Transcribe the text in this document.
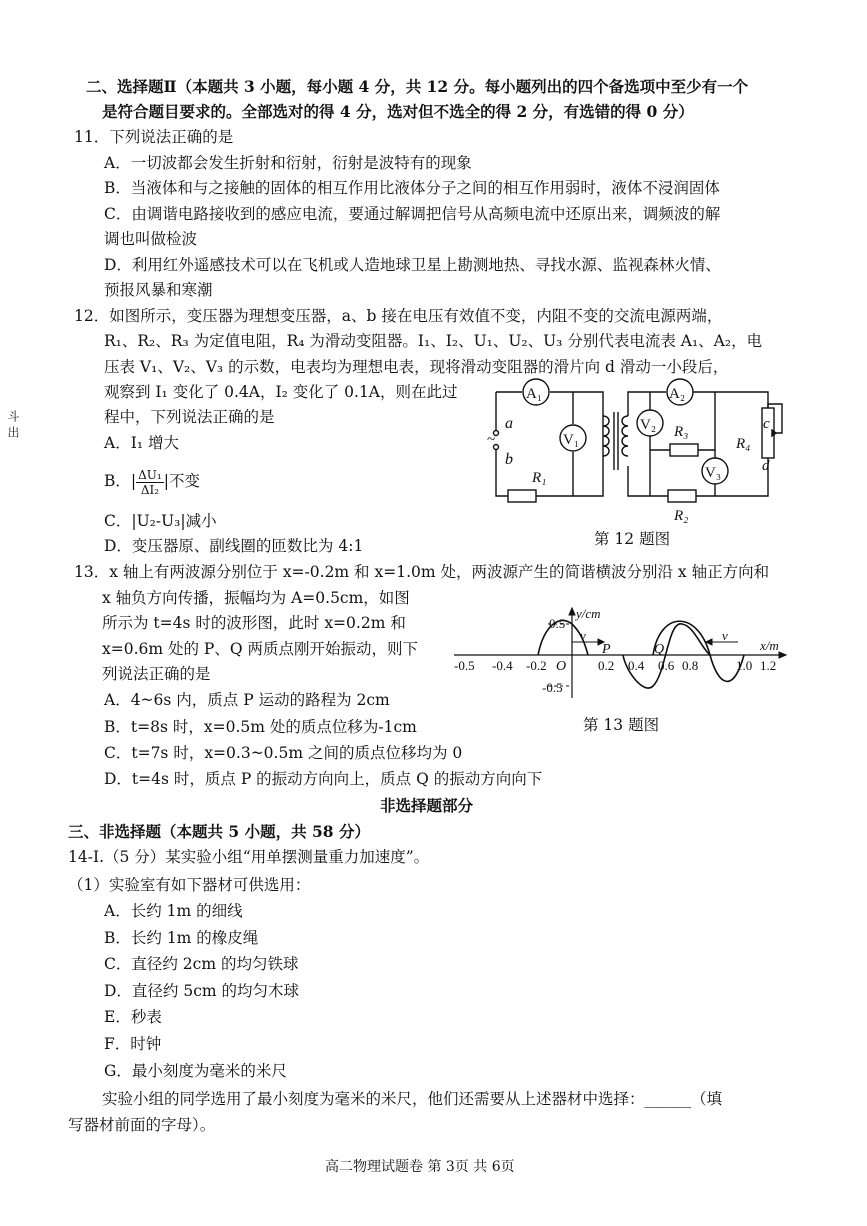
斗 出
二、选择题Ⅱ（本题共 3 小题，每小题 4 分，共 12 分。每小题列出的四个备选项中至少有一个
是符合题目要求的。全部选对的得 4 分，选对但不选全的得 2 分，有选错的得 0 分）
11．下列说法正确的是
A．一切波都会发生折射和衍射，衍射是波特有的现象
B．当液体和与之接触的固体的相互作用比液体分子之间的相互作用弱时，液体不浸润固体
C．由调谐电路接收到的感应电流，要通过解调把信号从高频电流中还原出来，调频波的解
调也叫做检波
D．利用红外遥感技术可以在飞机或人造地球卫星上勘测地热、寻找水源、监视森林火情、
预报风暴和寒潮
12．如图所示，变压器为理想变压器，a、b 接在电压有效值不变，内阻不变的交流电源两端，
R₁、R₂、R₃ 为定值电阻，R₄ 为滑动变阻器。I₁、I₂、U₁、U₂、U₃ 分别代表电流表 A₁、A₂，电
压表 V₁、V₂、V₃ 的示数，电表均为理想电表，现将滑动变阻器的滑片向 d 滑动一小段后，
观察到 I₁ 变化了 0.4A，I₂ 变化了 0.1A，则在此过
程中，下列说法正确的是
A．I₁ 增大
B．| $\frac{\text{ΔU₁}}{\text{ΔI₂}}$ |不变
C．|U₂-U₃|减小
D．变压器原、副线圈的匝数比为 4:1
~
a
b
A₁
V₁
R₁
A₂
V₂ R₃
V₃
R₂
R₄
c
d
第 12 题图
13．x 轴上有两波源分别位于 x=-0.2m 和 x=1.0m 处，两波源产生的简谐横波分别沿 x 轴正方向和
x 轴负方向传播，振幅均为 A=0.5cm，如图
所示为 t=4s 时的波形图，此时 x=0.2m 和
x=0.6m 处的 P、Q 两质点刚开始振动，则下
列说法正确的是
A．4~6s 内，质点 P 运动的路程为 2cm
B．t=8s 时，x=0.5m 处的质点位移为-1cm
C．t=7s 时，x=0.3~0.5m 之间的质点位移均为 0
D．t=4s 时，质点 P 的振动方向向上，质点 Q 的振动方向向下
y/cm
x/m
0.5
-0.5
v	v
O
P	Q
-0.5 -0.4 -0.2	0.2 0.4 0.6 0.8	1.0 1.2
第 13 题图
非选择题部分
三、非选择题（本题共 5 小题，共 58 分）
14-Ⅰ.（5 分）某实验小组“用单摆测量重力加速度”。
（1）实验室有如下器材可供选用：
A．长约 1m 的细线
B．长约 1m 的橡皮绳
C．直径约 2cm 的均匀铁球
D．直径约 5cm 的均匀木球
E．秒表
F．时钟
G．最小刻度为毫米的米尺
实验小组的同学选用了最小刻度为毫米的米尺，他们还需要从上述器材中选择：______（填
写器材前面的字母）。
高二物理试题卷 第 3页 共 6页
